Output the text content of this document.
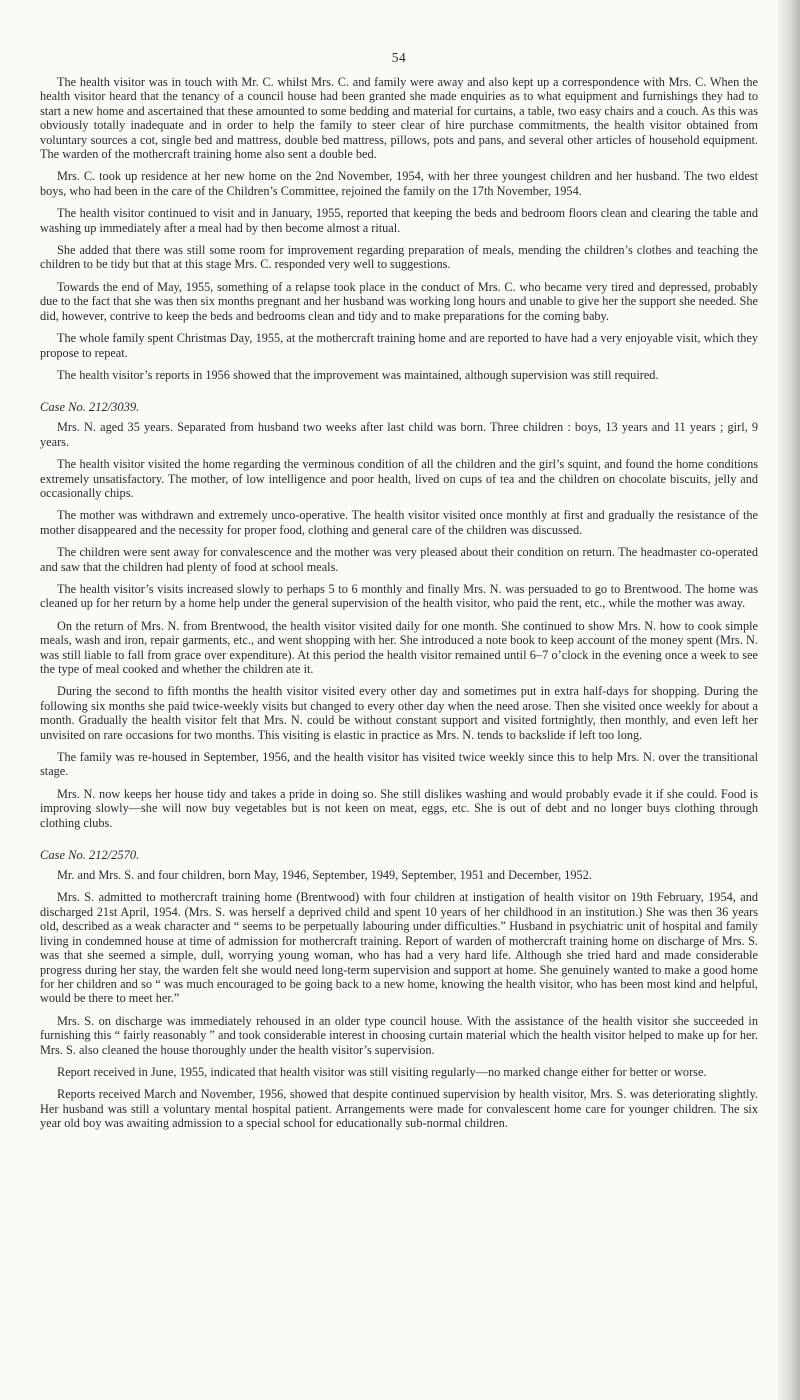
54

The health visitor was in touch with Mr. C. whilst Mrs. C. and family were away and also kept up a correspondence with Mrs. C. When the health visitor heard that the tenancy of a council house had been granted she made enquiries as to what equipment and furnishings they had to start a new home and ascertained that these amounted to some bedding and material for curtains, a table, two easy chairs and a couch. As this was obviously totally inadequate and in order to help the family to steer clear of hire purchase commitments, the health visitor obtained from voluntary sources a cot, single bed and mattress, double bed mattress, pillows, pots and pans, and several other articles of household equipment. The warden of the mothercraft training home also sent a double bed.

Mrs. C. took up residence at her new home on the 2nd November, 1954, with her three youngest children and her husband. The two eldest boys, who had been in the care of the Children’s Committee, rejoined the family on the 17th November, 1954.

The health visitor continued to visit and in January, 1955, reported that keeping the beds and bedroom floors clean and clearing the table and washing up immediately after a meal had by then become almost a ritual.

She added that there was still some room for improvement regarding preparation of meals, mending the children’s clothes and teaching the children to be tidy but that at this stage Mrs. C. responded very well to suggestions.

Towards the end of May, 1955, something of a relapse took place in the conduct of Mrs. C. who became very tired and depressed, probably due to the fact that she was then six months pregnant and her husband was working long hours and unable to give her the support she needed. She did, however, contrive to keep the beds and bedrooms clean and tidy and to make preparations for the coming baby.

The whole family spent Christmas Day, 1955, at the mothercraft training home and are reported to have had a very enjoyable visit, which they propose to repeat.

The health visitor’s reports in 1956 showed that the improvement was maintained, although supervision was still required.

Case No. 212/3039.

Mrs. N. aged 35 years. Separated from husband two weeks after last child was born. Three children : boys, 13 years and 11 years ; girl, 9 years.

The health visitor visited the home regarding the verminous condition of all the children and the girl’s squint, and found the home conditions extremely unsatisfactory. The mother, of low intelligence and poor health, lived on cups of tea and the children on chocolate biscuits, jelly and occasionally chips.

The mother was withdrawn and extremely unco-operative. The health visitor visited once monthly at first and gradually the resistance of the mother disappeared and the necessity for proper food, clothing and general care of the children was discussed.

The children were sent away for convalescence and the mother was very pleased about their condition on return. The headmaster co-operated and saw that the children had plenty of food at school meals.

The health visitor’s visits increased slowly to perhaps 5 to 6 monthly and finally Mrs. N. was persuaded to go to Brentwood. The home was cleaned up for her return by a home help under the general supervision of the health visitor, who paid the rent, etc., while the mother was away.

On the return of Mrs. N. from Brentwood, the health visitor visited daily for one month. She continued to show Mrs. N. how to cook simple meals, wash and iron, repair garments, etc., and went shopping with her. She introduced a note book to keep account of the money spent (Mrs. N. was still liable to fall from grace over expenditure). At this period the health visitor remained until 6–7 o’clock in the evening once a week to see the type of meal cooked and whether the children ate it.

During the second to fifth months the health visitor visited every other day and sometimes put in extra half-days for shopping. During the following six months she paid twice-weekly visits but changed to every other day when the need arose. Then she visited once weekly for about a month. Gradually the health visitor felt that Mrs. N. could be without constant support and visited fortnightly, then monthly, and even left her unvisited on rare occasions for two months. This visiting is elastic in practice as Mrs. N. tends to backslide if left too long.

The family was re-housed in September, 1956, and the health visitor has visited twice weekly since this to help Mrs. N. over the transitional stage.

Mrs. N. now keeps her house tidy and takes a pride in doing so. She still dislikes washing and would probably evade it if she could. Food is improving slowly—she will now buy vegetables but is not keen on meat, eggs, etc. She is out of debt and no longer buys clothing through clothing clubs.

Case No. 212/2570.

Mr. and Mrs. S. and four children, born May, 1946, September, 1949, September, 1951 and December, 1952.

Mrs. S. admitted to mothercraft training home (Brentwood) with four children at instigation of health visitor on 19th February, 1954, and discharged 21st April, 1954. (Mrs. S. was herself a deprived child and spent 10 years of her childhood in an institution.) She was then 36 years old, described as a weak character and “ seems to be perpetually labouring under difficulties.” Husband in psychiatric unit of hospital and family living in condemned house at time of admission for mothercraft training. Report of warden of mothercraft training home on discharge of Mrs. S. was that she seemed a simple, dull, worrying young woman, who has had a very hard life. Although she tried hard and made considerable progress during her stay, the warden felt she would need long-term supervision and support at home. She genuinely wanted to make a good home for her children and so “ was much encouraged to be going back to a new home, knowing the health visitor, who has been most kind and helpful, would be there to meet her.”

Mrs. S. on discharge was immediately rehoused in an older type council house. With the assistance of the health visitor she succeeded in furnishing this “ fairly reasonably ” and took considerable interest in choosing curtain material which the health visitor helped to make up for her. Mrs. S. also cleaned the house thoroughly under the health visitor’s supervision.

Report received in June, 1955, indicated that health visitor was still visiting regularly—no marked change either for better or worse.

Reports received March and November, 1956, showed that despite continued supervision by health visitor, Mrs. S. was deteriorating slightly. Her husband was still a voluntary mental hospital patient. Arrangements were made for convalescent home care for younger children. The six year old boy was awaiting admission to a special school for educationally sub-normal children.
